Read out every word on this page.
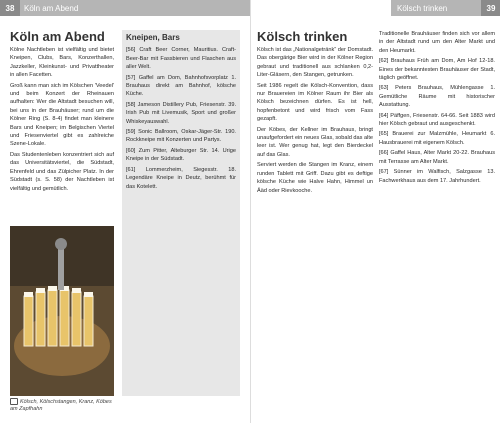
38	Köln am Abend
Köln am Abend

Kölne Nachtleben ist vielfältig und bietet Kneipen, Clubs, Bars, Konzerthallen, Jazzkeller, Kleinkunst- und Privattheater in allen Facetten.

Groß kann man sich im Kölschen 'Veedel' und beim Konzert der Rheinauen aufhalten: Wer die Altstadt besuchen will, bei uns in der Brauhäuser; rund um die Kölner Ring (S. 8-4) findet man kleinere Bars und Kneipen; im Belgischen Viertel und Friesenviertel gibt es zahlreiche Szene-Lokale.

Das Studentenleben konzentriert sich auf das Universitätsviertel, die Südstadt, Ehrenfeld und das Zülpicher Platz. In der Südstadt (s. S. 58) der Nachtleben ist vielfältig und gemütlich.

Kneipen, Bars

[56] Craft Beer Corner, Mauritius. Craft-Beer-Bar mit Fassbieren und Flaschen aus aller Welt.

[57] Gaffel am Dom, Bahnhofsvorplatz 1. Brauhaus direkt am Bahnhof, kölsche Küche.

[58] Jameson Distillery Pub, Friesenstr. 39. Irish Pub mit Livemusik, Sport und großer Whiskeyauswahl.

[59] Sonic Ballroom, Oskar-Jäger-Str. 190. Rockkneipe mit Konzerten und Partys.

[60] Zum Pitter, Alteburger Str. 14. Urige Kneipe in der Südstadt.

[61] Lommerzheim, Siegesstr. 18. Legendäre Kneipe in Deutz, berühmt für das Kotelett.

Kölsch, Kölschstangen, Kranz, Köbes am Zapfhahn
Kölsch trinken	39
Kölsch trinken

Kölsch ist das „Nationalgetränk“ der Domstadt. Das obergärige Bier wird in der Kölner Region gebraut und traditionell aus schlanken 0,2-Liter-Gläsern, den Stangen, getrunken.

Seit 1986 regelt die Kölsch-Konvention, dass nur Brauereien im Kölner Raum ihr Bier als Kölsch bezeichnen dürfen. Es ist hell, hopfenbetont und wird frisch vom Fass gezapft.

Der Köbes, der Kellner im Brauhaus, bringt unaufgefordert ein neues Glas, sobald das alte leer ist. Wer genug hat, legt den Bierdeckel auf das Glas.

Serviert werden die Stangen im Kranz, einem runden Tablett mit Griff. Dazu gibt es deftige kölsche Küche wie Halve Hahn, Himmel un Ääd oder Rievkooche.

Traditionelle Brauhäuser finden sich vor allem in der Altstadt rund um den Alter Markt und den Heumarkt.

[62] Brauhaus Früh am Dom, Am Hof 12-18. Eines der bekanntesten Brauhäuser der Stadt, täglich geöffnet.

[63] Peters Brauhaus, Mühlengasse 1. Gemütliche Räume mit historischer Ausstattung.

[64] Päffgen, Friesenstr. 64-66. Seit 1883 wird hier Kölsch gebraut und ausgeschenkt.

[65] Brauerei zur Malzmühle, Heumarkt 6. Hausbrauerei mit eigenem Kölsch.

[66] Gaffel Haus, Alter Markt 20-22. Brauhaus mit Terrasse am Alter Markt.

[67] Sünner im Walfisch, Salzgasse 13. Fachwerkhaus aus dem 17. Jahrhundert.
